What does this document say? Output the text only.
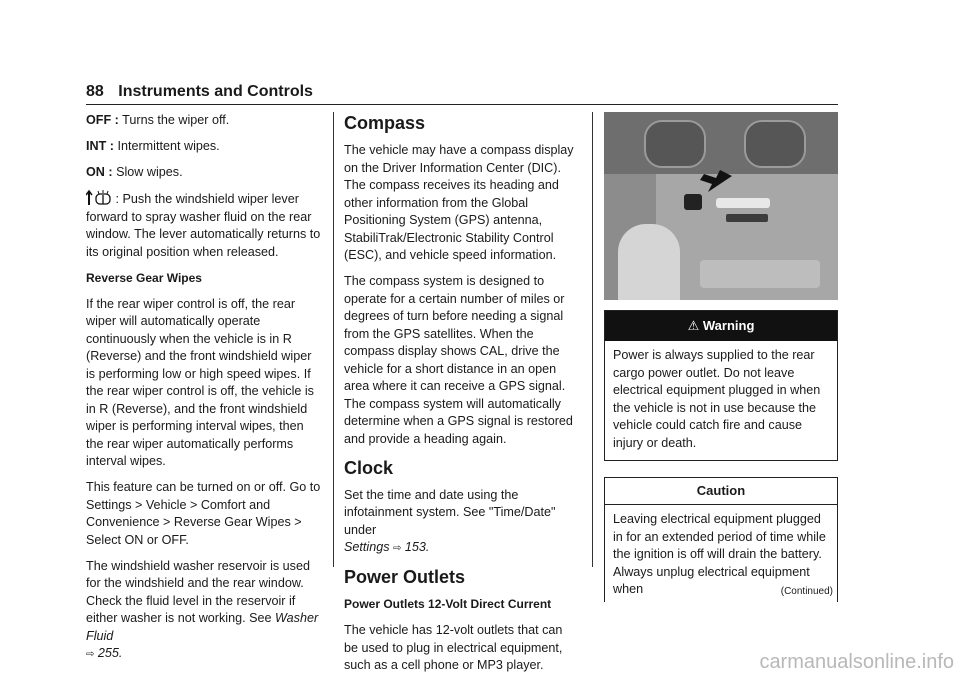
88 Instruments and Controls

OFF : Turns the wiper off.

INT : Intermittent wipes.

ON : Slow wipes.

: Push the windshield wiper lever forward to spray washer fluid on the rear window. The lever automatically returns to its original position when released.

Reverse Gear Wipes

If the rear wiper control is off, the rear wiper will automatically operate continuously when the vehicle is in R (Reverse) and the front windshield wiper is performing low or high speed wipes. If the rear wiper control is off, the vehicle is in R (Reverse), and the front windshield wiper is performing interval wipes, then the rear wiper automatically performs interval wipes.

This feature can be turned on or off. Go to Settings > Vehicle > Comfort and Convenience > Reverse Gear Wipes > Select ON or OFF.

The windshield washer reservoir is used for the windshield and the rear window. Check the fluid level in the reservoir if either washer is not working. See Washer Fluid
⇨ 255.

Compass

The vehicle may have a compass display on the Driver Information Center (DIC). The compass receives its heading and other information from the Global Positioning System (GPS) antenna, StabiliTrak/Electronic Stability Control (ESC), and vehicle speed information.

The compass system is designed to operate for a certain number of miles or degrees of turn before needing a signal from the GPS satellites. When the compass display shows CAL, drive the vehicle for a short distance in an open area where it can receive a GPS signal. The compass system will automatically determine when a GPS signal is restored and provide a heading again.

Clock

Set the time and date using the infotainment system. See "Time/Date" under
Settings ⇨ 153.

Power Outlets

Power Outlets 12-Volt Direct Current

The vehicle has 12-volt outlets that can be used to plug in electrical equipment, such as a cell phone or MP3 player.

⚠ Warning
Power is always supplied to the rear cargo power outlet. Do not leave electrical equipment plugged in when the vehicle is not in use because the vehicle could catch fire and cause injury or death.
Caution
Leaving electrical equipment plugged in for an extended period of time while the ignition is off will drain the battery. Always unplug electrical equipment when	(Continued)
carmanualsonline.info
